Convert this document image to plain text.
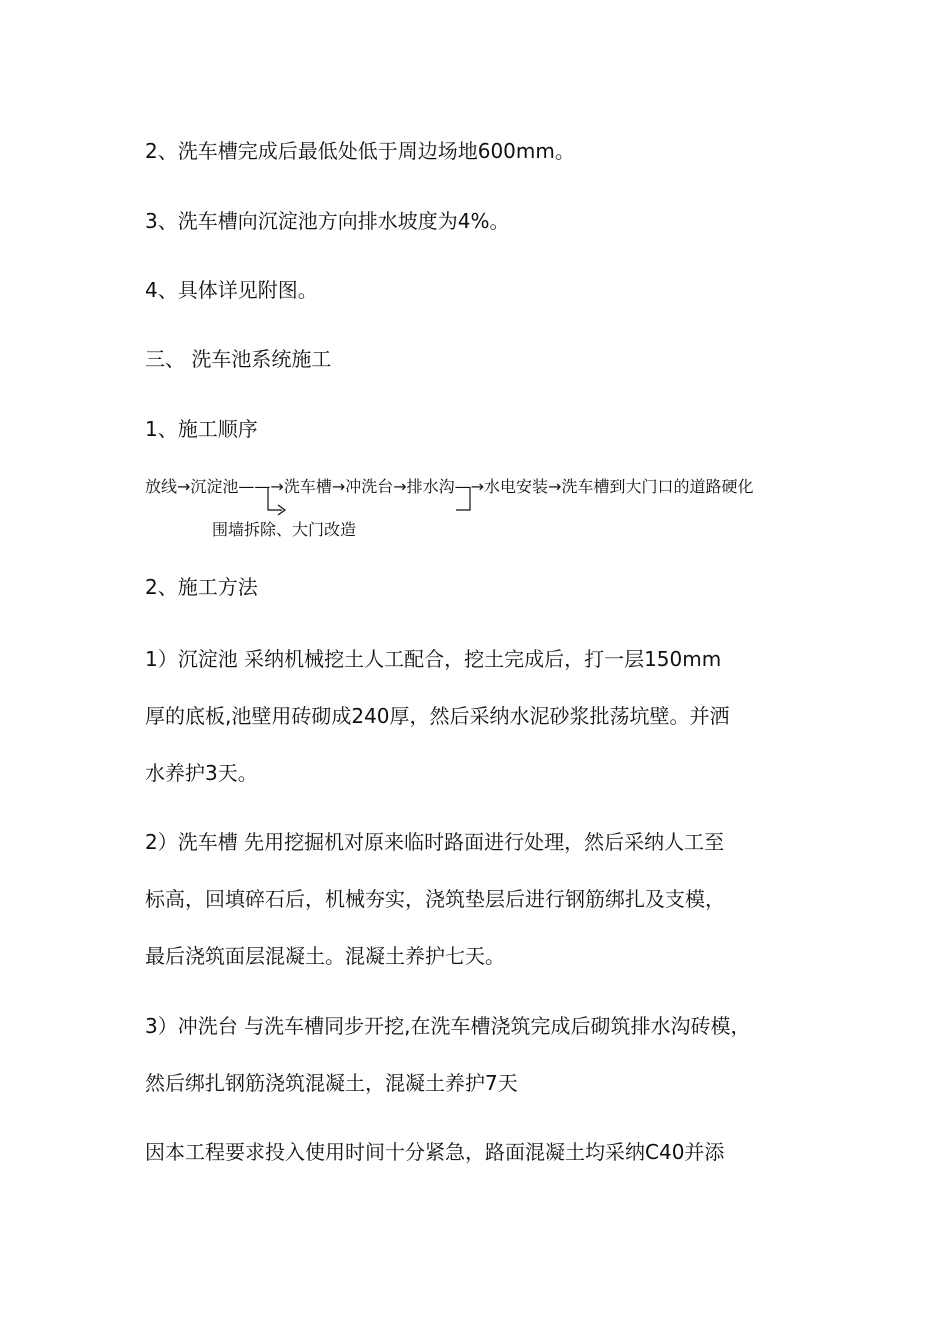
2、洗车槽完成后最低处低于周边场地600mm。
3、洗车槽向沉淀池方向排水坡度为4%。
4、具体详见附图。
三、 洗车池系统施工
1、施工顺序
放线→沉淀池——→洗车槽→冲洗台→排水沟—→水电安装→洗车槽到大门口的道路硬化
围墙拆除、大门改造
2、施工方法
1）沉淀池 采纳机械挖土人工配合，挖土完成后，打一层150mm
厚的底板,池壁用砖砌成240厚，然后采纳水泥砂浆批荡坑壁。并洒
水养护3天。
2）洗车槽 先用挖掘机对原来临时路面进行处理，然后采纳人工至
标高，回填碎石后，机械夯实，浇筑垫层后进行钢筋绑扎及支模，
最后浇筑面层混凝土。混凝土养护七天。
3）冲洗台 与洗车槽同步开挖,在洗车槽浇筑完成后砌筑排水沟砖模，
然后绑扎钢筋浇筑混凝土，混凝土养护7天
因本工程要求投入使用时间十分紧急，路面混凝土均采纳C40并添
